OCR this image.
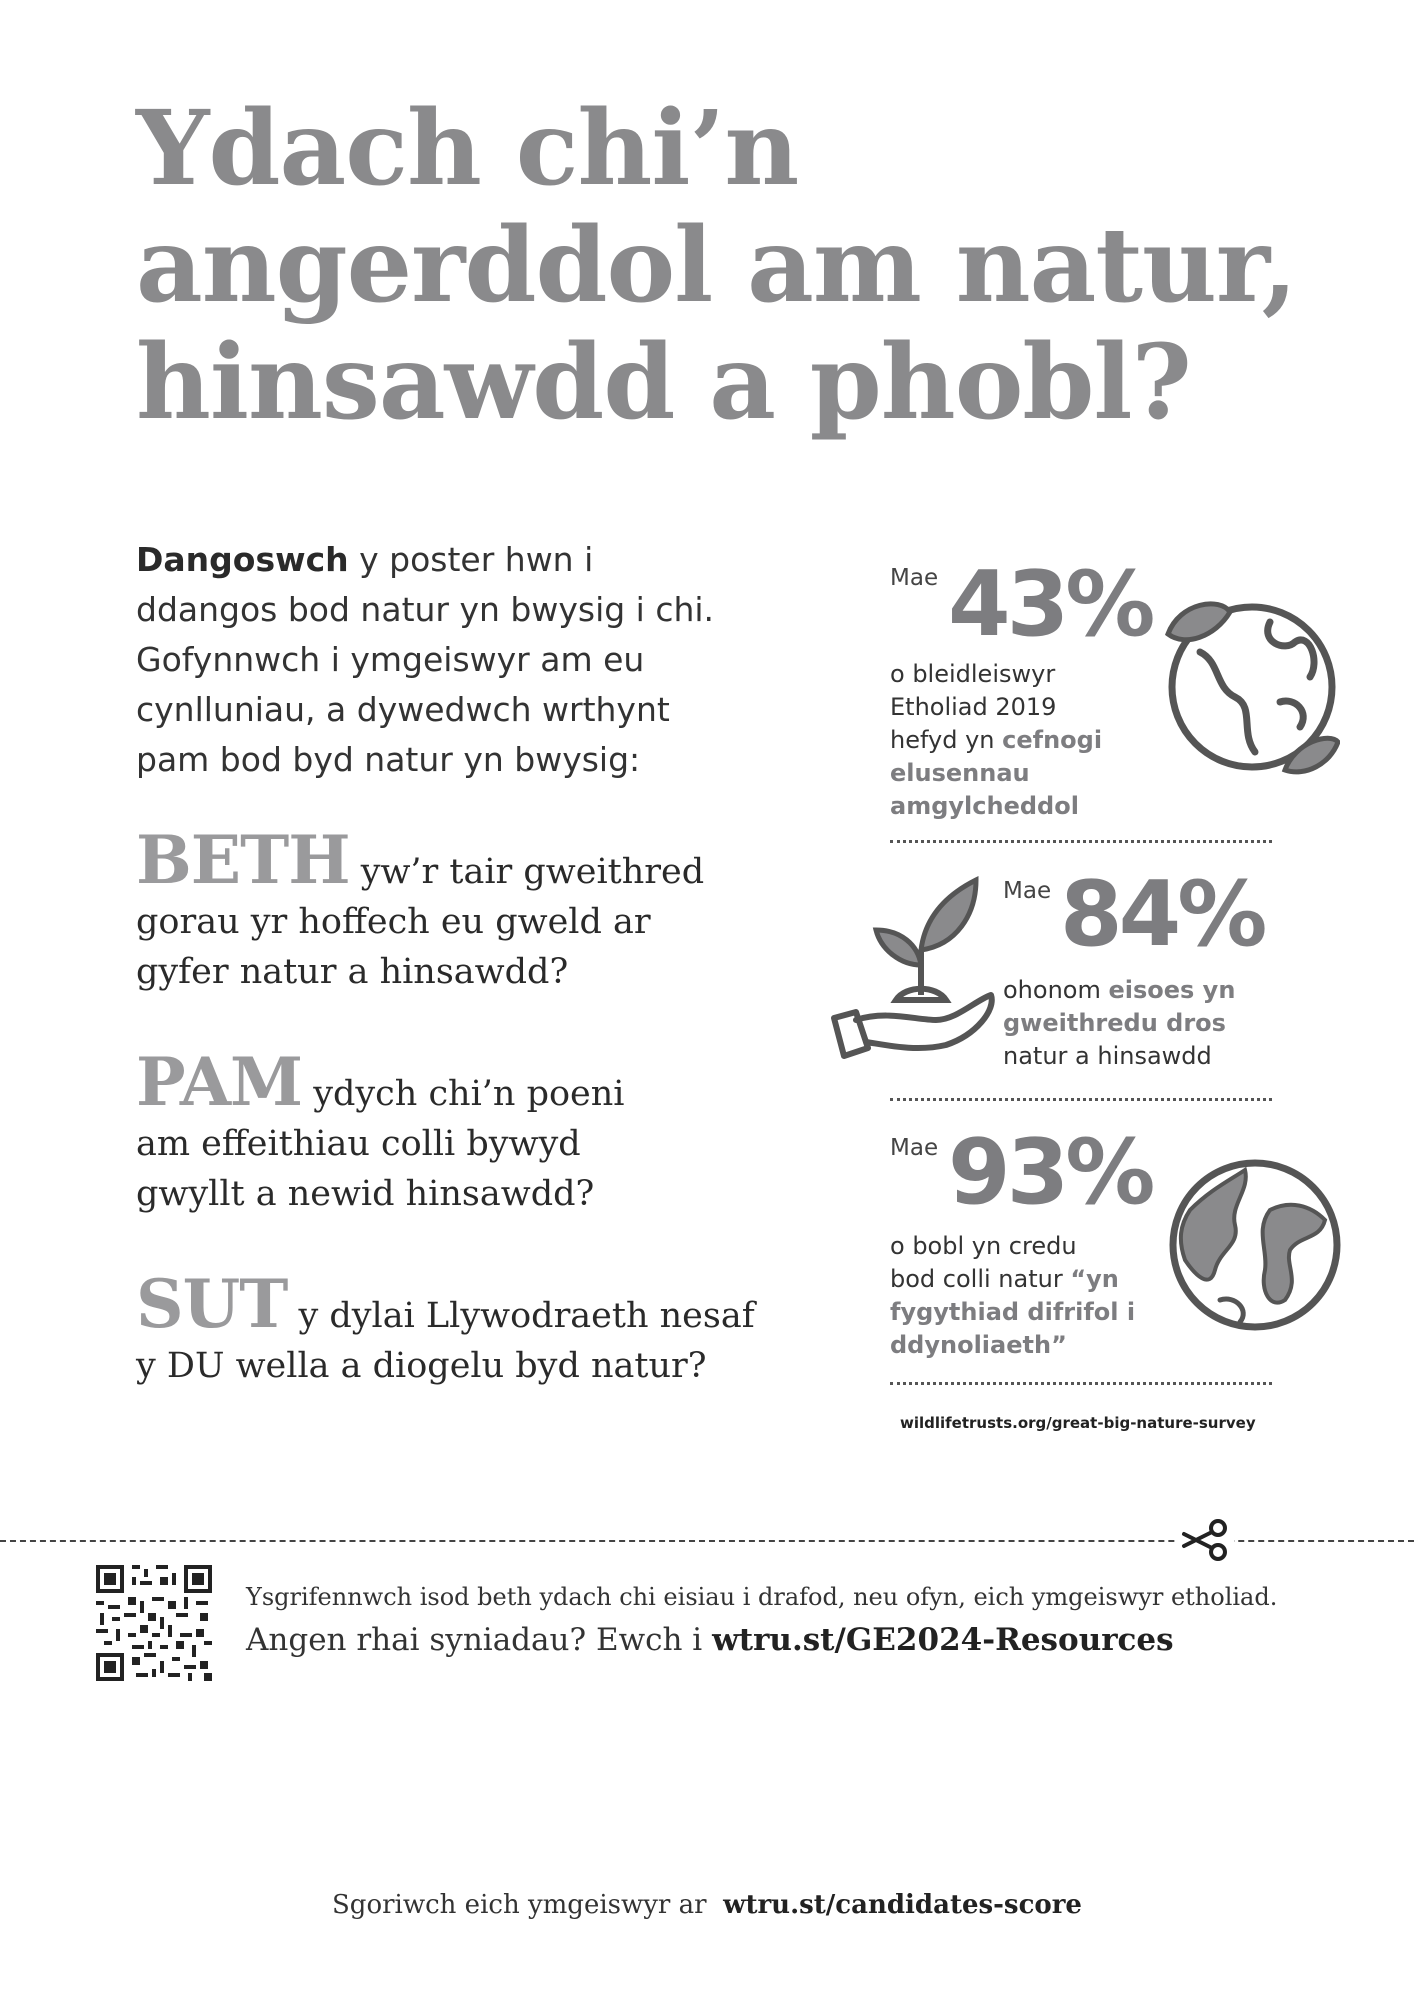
Ydach chi’n
angerddol am natur,
hinsawdd a phobl?

Dangoswch y poster hwn i
ddangos bod natur yn bwysig i chi.
Gofynnwch i ymgeiswyr am eu
cynlluniau, a dywedwch wrthynt
pam bod byd natur yn bwysig:

BETH yw’r tair gweithred
gorau yr hoffech eu gweld ar
gyfer natur a hinsawdd?

PAM ydych chi’n poeni
am effeithiau colli bywyd
gwyllt a newid hinsawdd?

SUT y dylai Llywodraeth nesaf
y DU wella a diogelu byd natur?

Mae 43%

o bleidleiswyr
Etholiad 2019
hefyd yn cefnogi
elusennau
amgylcheddol

Mae 84%

ohonom eisoes yn
gweithredu dros
natur a hinsawdd

Mae 93%

o bobl yn credu
bod colli natur “yn
fygythiad difrifol i
ddynoliaeth”

wildlifetrusts.org/great-big-nature-survey

Ysgrifennwch isod beth ydach chi eisiau i drafod, neu ofyn, eich ymgeiswyr etholiad.

Angen rhai syniadau? Ewch i wtru.st/GE2024-Resources

Sgoriwch eich ymgeiswyr ar  wtru.st/candidates-score
